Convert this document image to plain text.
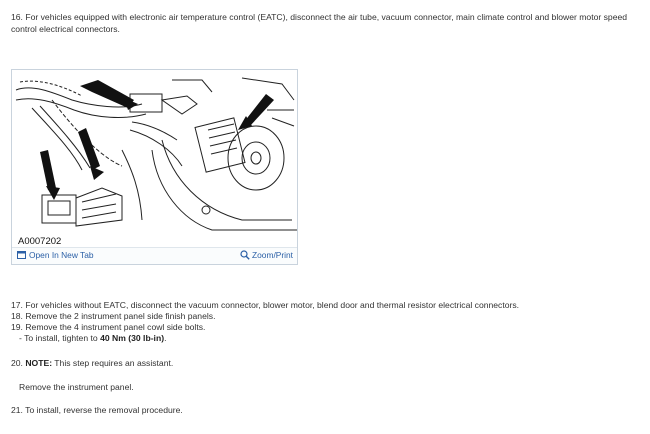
16. For vehicles equipped with electronic air temperature control (EATC), disconnect the air tube, vacuum connector, main climate control and blower motor speed control electrical connectors.
A0007202
Open In New Tab	Zoom/Print
17. For vehicles without EATC, disconnect the vacuum connector, blower motor, blend door and thermal resistor electrical connectors.
18. Remove the 2 instrument panel side finish panels.
19. Remove the 4 instrument panel cowl side bolts.
- To install, tighten to 40 Nm (30 lb-in).
20. NOTE: This step requires an assistant.
Remove the instrument panel.
21. To install, reverse the removal procedure.
